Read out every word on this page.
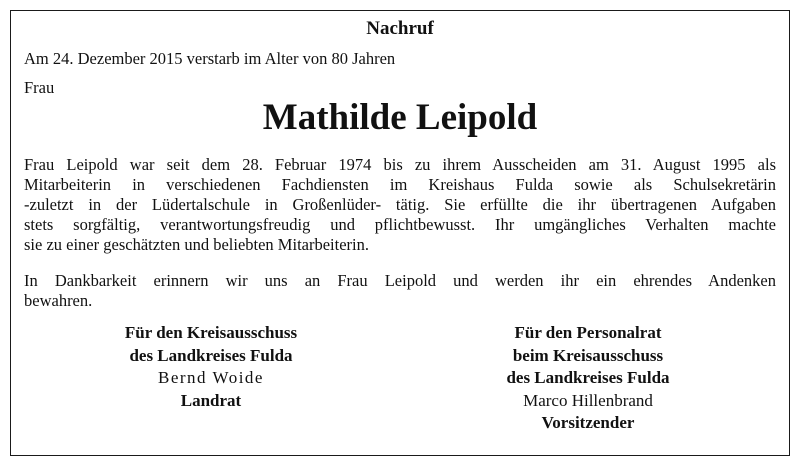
Nachruf
Am 24. Dezember 2015 verstarb im Alter von 80 Jahren
Frau
Mathilde Leipold
Frau Leipold war seit dem 28. Februar 1974 bis zu ihrem Ausscheiden am 31. August 1995 als
Mitarbeiterin in verschiedenen Fachdiensten im Kreishaus Fulda sowie als Schulsekretärin
-zuletzt in der Lüdertalschule in Großenlüder- tätig. Sie erfüllte die ihr übertragenen Aufgaben
stets sorgfältig, verantwortungsfreudig und pflichtbewusst. Ihr umgängliches Verhalten machte
sie zu einer geschätzten und beliebten Mitarbeiterin.
In Dankbarkeit erinnern wir uns an Frau Leipold und werden ihr ein ehrendes Andenken
bewahren.
Für den Kreisausschuss
des Landkreises Fulda
Bernd Woide
Landrat
Für den Personalrat
beim Kreisausschuss
des Landkreises Fulda
Marco Hillenbrand
Vorsitzender
